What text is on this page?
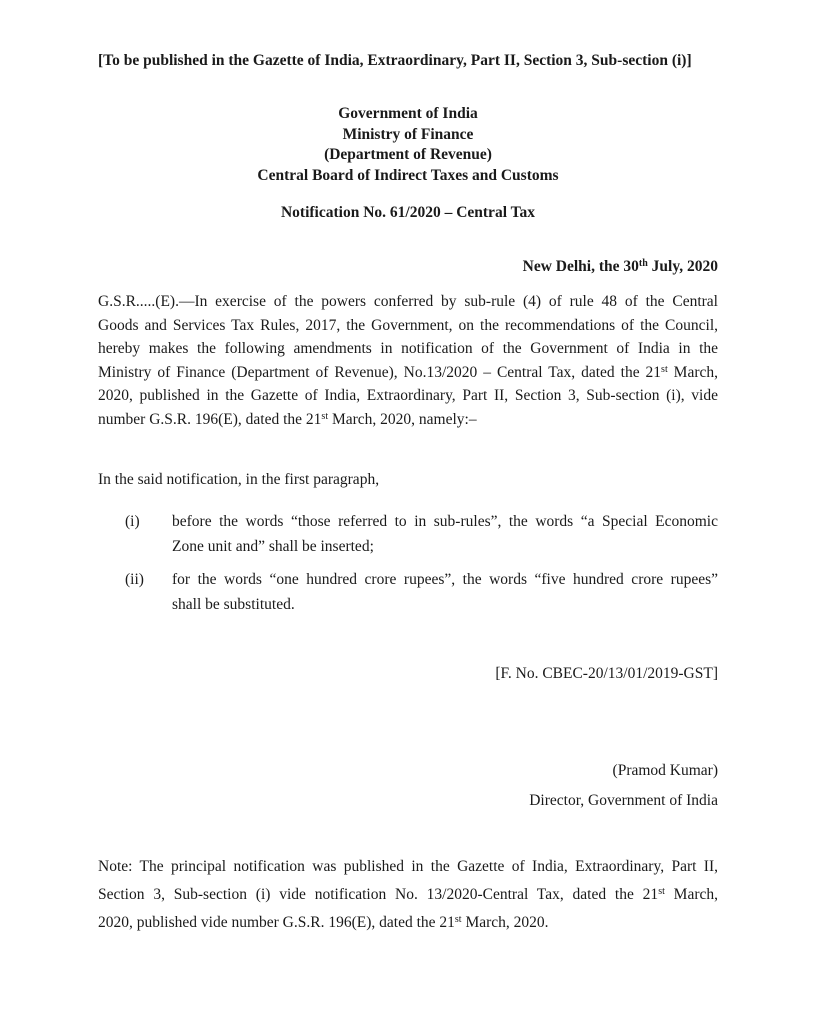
[To be published in the Gazette of India, Extraordinary, Part II, Section 3, Sub-section (i)]
Government of India
Ministry of Finance
(Department of Revenue)
Central Board of Indirect Taxes and Customs
Notification No. 61/2020 – Central Tax
New Delhi, the 30th July, 2020
G.S.R.....(E).—In exercise of the powers conferred by sub-rule (4) of rule 48 of the Central
Goods and Services Tax Rules, 2017, the Government, on the recommendations of the Council,
hereby makes the following amendments in notification of the Government of India in the
Ministry of Finance (Department of Revenue), No.13/2020 – Central Tax, dated the 21st March,
2020, published in the Gazette of India, Extraordinary, Part II, Section 3, Sub-section (i), vide
number G.S.R. 196(E), dated the 21st March, 2020, namely:–
In the said notification, in the first paragraph,
(i) before the words “those referred to in sub-rules”, the words “a Special Economic
Zone unit and” shall be inserted;
(ii) for the words “one hundred crore rupees”, the words “five hundred crore rupees”
shall be substituted.
[F. No. CBEC-20/13/01/2019-GST]
(Pramod Kumar)
Director, Government of India
Note: The principal notification was published in the Gazette of India, Extraordinary, Part II,
Section 3, Sub-section (i) vide notification No. 13/2020-Central Tax, dated the 21st March,
2020, published vide number G.S.R. 196(E), dated the 21st March, 2020.
